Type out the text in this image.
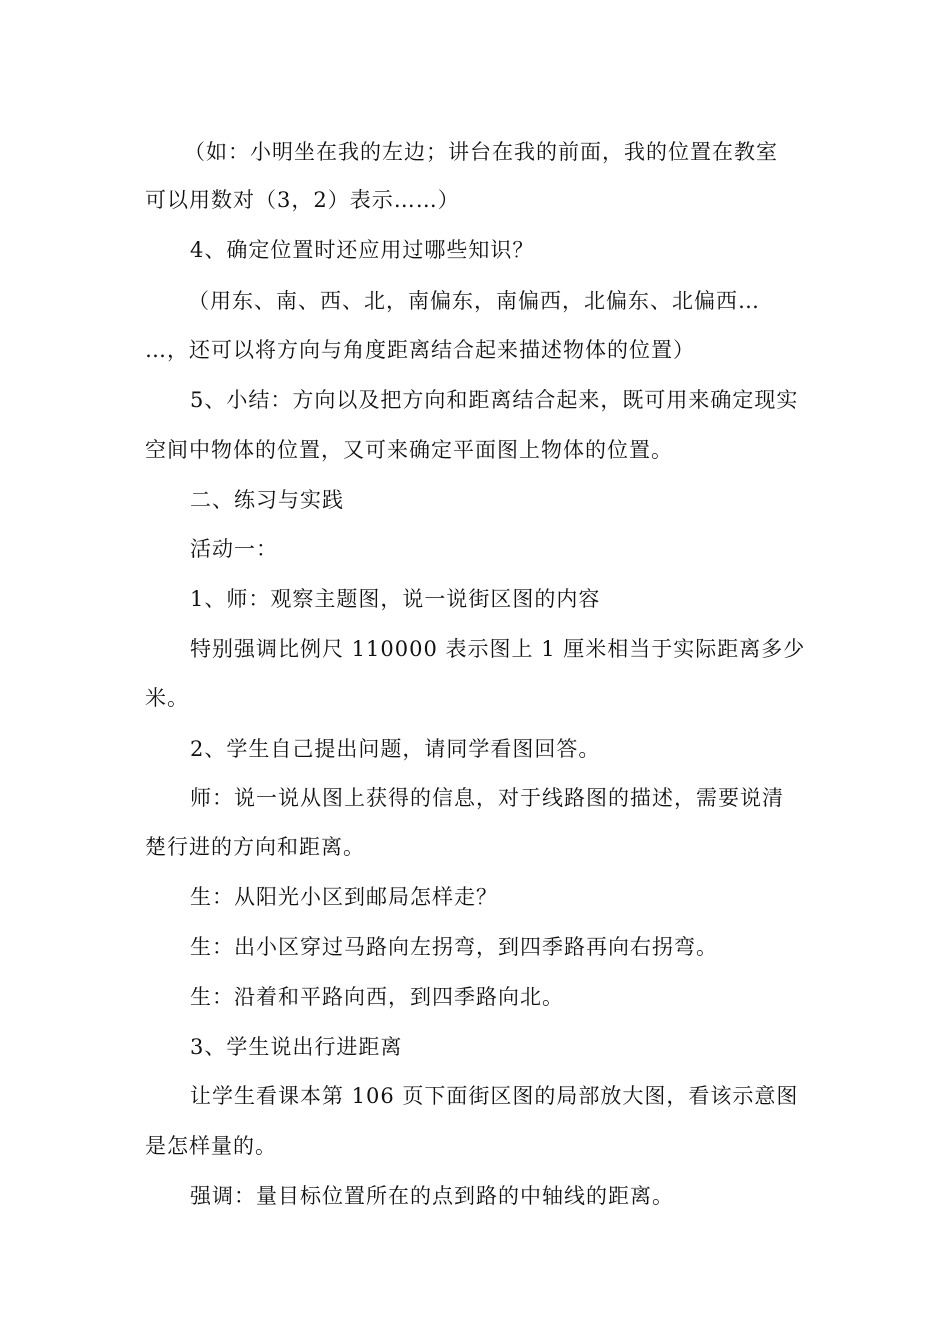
（如：小明坐在我的左边；讲台在我的前面，我的位置在教室
可以用数对（3，2）表示……）
4、确定位置时还应用过哪些知识？
（用东、南、西、北，南偏东，南偏西，北偏东、北偏西…
…，还可以将方向与角度距离结合起来描述物体的位置）
5、小结：方向以及把方向和距离结合起来，既可用来确定现实
空间中物体的位置，又可来确定平面图上物体的位置。
二、练习与实践
活动一：
1、师：观察主题图，说一说街区图的内容
特别强调比例尺 110000 表示图上 1 厘米相当于实际距离多少
米。
2、学生自己提出问题，请同学看图回答。
师：说一说从图上获得的信息，对于线路图的描述，需要说清
楚行进的方向和距离。
生：从阳光小区到邮局怎样走？
生：出小区穿过马路向左拐弯，到四季路再向右拐弯。
生：沿着和平路向西，到四季路向北。
3、学生说出行进距离
让学生看课本第 106 页下面街区图的局部放大图，看该示意图
是怎样量的。
强调：量目标位置所在的点到路的中轴线的距离。
